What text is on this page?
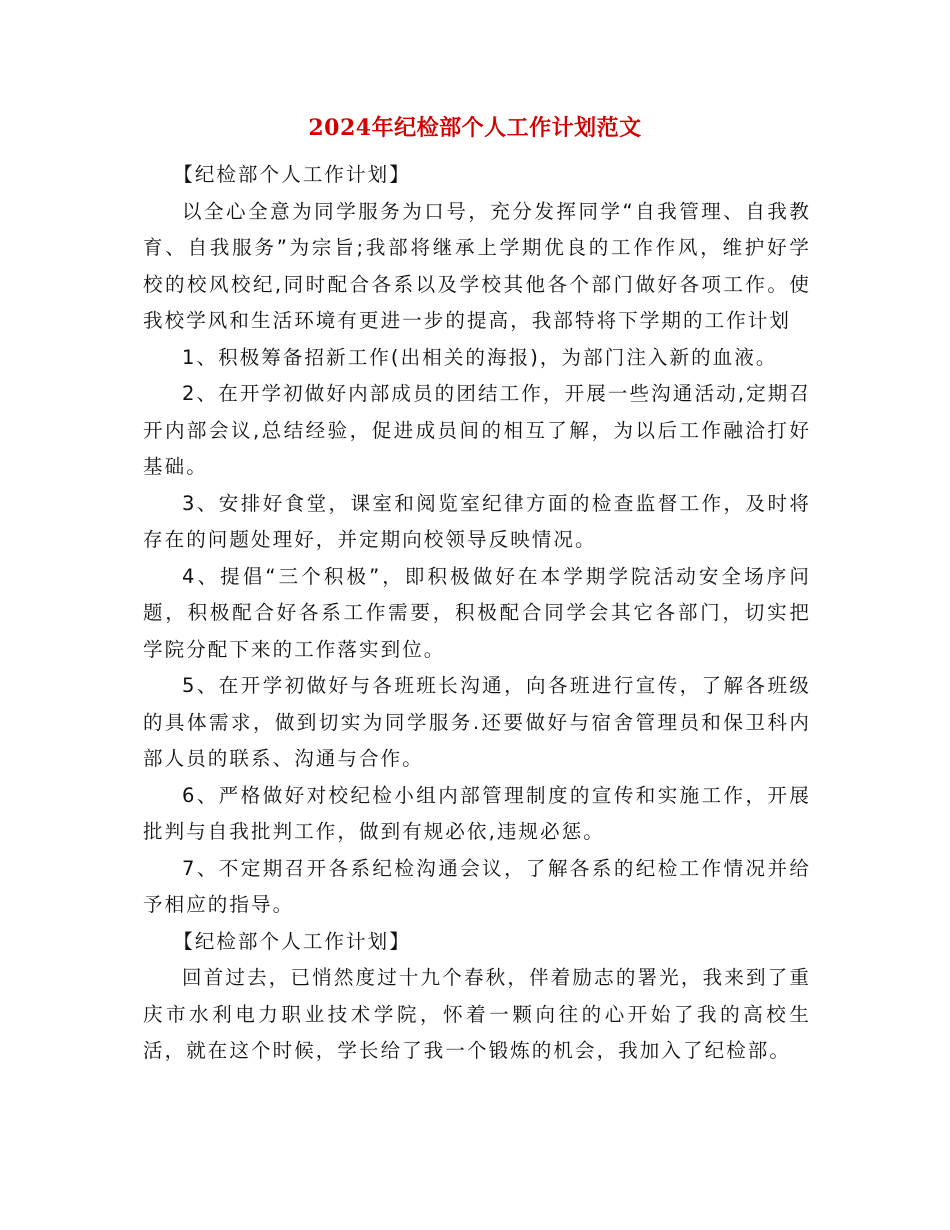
2024年纪检部个人工作计划范文

【纪检部个人工作计划】

以全心全意为同学服务为口号，充分发挥同学“自我管理、自我教育、自我服务”为宗旨;我部将继承上学期优良的工作作风，维护好学校的校风校纪,同时配合各系以及学校其他各个部门做好各项工作。使我校学风和生活环境有更进一步的提高，我部特将下学期的工作计划

1、积极筹备招新工作(出相关的海报)，为部门注入新的血液。

2、在开学初做好内部成员的团结工作，开展一些沟通活动,定期召开内部会议,总结经验，促进成员间的相互了解，为以后工作融洽打好基础。

3、安排好食堂，课室和阅览室纪律方面的检查监督工作，及时将存在的问题处理好，并定期向校领导反映情况。

4、提倡“三个积极”，即积极做好在本学期学院活动安全场序问题，积极配合好各系工作需要，积极配合同学会其它各部门，切实把学院分配下来的工作落实到位。

5、在开学初做好与各班班长沟通，向各班进行宣传，了解各班级的具体需求，做到切实为同学服务.还要做好与宿舍管理员和保卫科内部人员的联系、沟通与合作。

6、严格做好对校纪检小组内部管理制度的宣传和实施工作，开展批判与自我批判工作，做到有规必依,违规必惩。

7、不定期召开各系纪检沟通会议，了解各系的纪检工作情况并给予相应的指导。

【纪检部个人工作计划】

回首过去，已悄然度过十九个春秋，伴着励志的署光，我来到了重庆市水利电力职业技术学院，怀着一颗向往的心开始了我的高校生活，就在这个时候，学长给了我一个锻炼的机会，我加入了纪检部。
